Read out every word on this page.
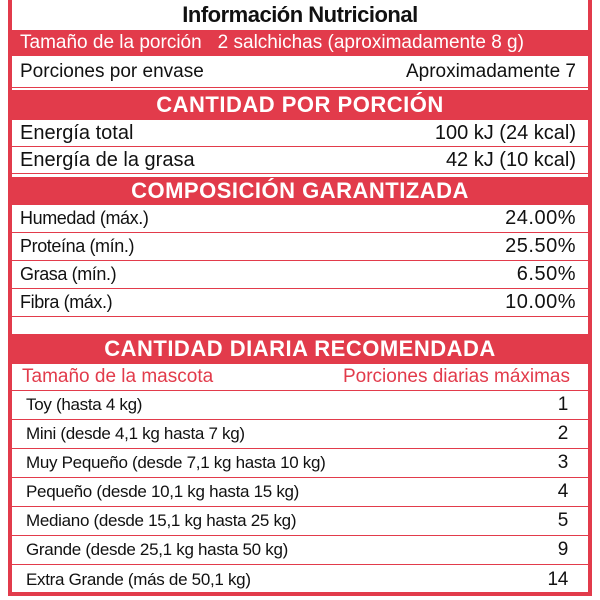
Información Nutricional
Tamaño de la porción 2 salchichas (aproximadamente 8 g)
Porciones por envase	Aproximadamente 7
CANTIDAD POR PORCIÓN
Energía total	100 kJ (24 kcal)
Energía de la grasa	42 kJ (10 kcal)
COMPOSICIÓN GARANTIZADA
Humedad (máx.)	24.00%
Proteína (mín.)	25.50%
Grasa (mín.)	6.50%
Fibra (máx.)	10.00%
CANTIDAD DIARIA RECOMENDADA
Tamaño de la mascota	Porciones diarias máximas
Toy (hasta 4 kg)	1
Mini (desde 4,1 kg hasta 7 kg)	2
Muy Pequeño (desde 7,1 kg hasta 10 kg)	3
Pequeño (desde 10,1 kg hasta 15 kg)	4
Mediano (desde 15,1 kg hasta 25 kg)	5
Grande (desde 25,1 kg hasta 50 kg)	9
Extra Grande (más de 50,1 kg)	14
